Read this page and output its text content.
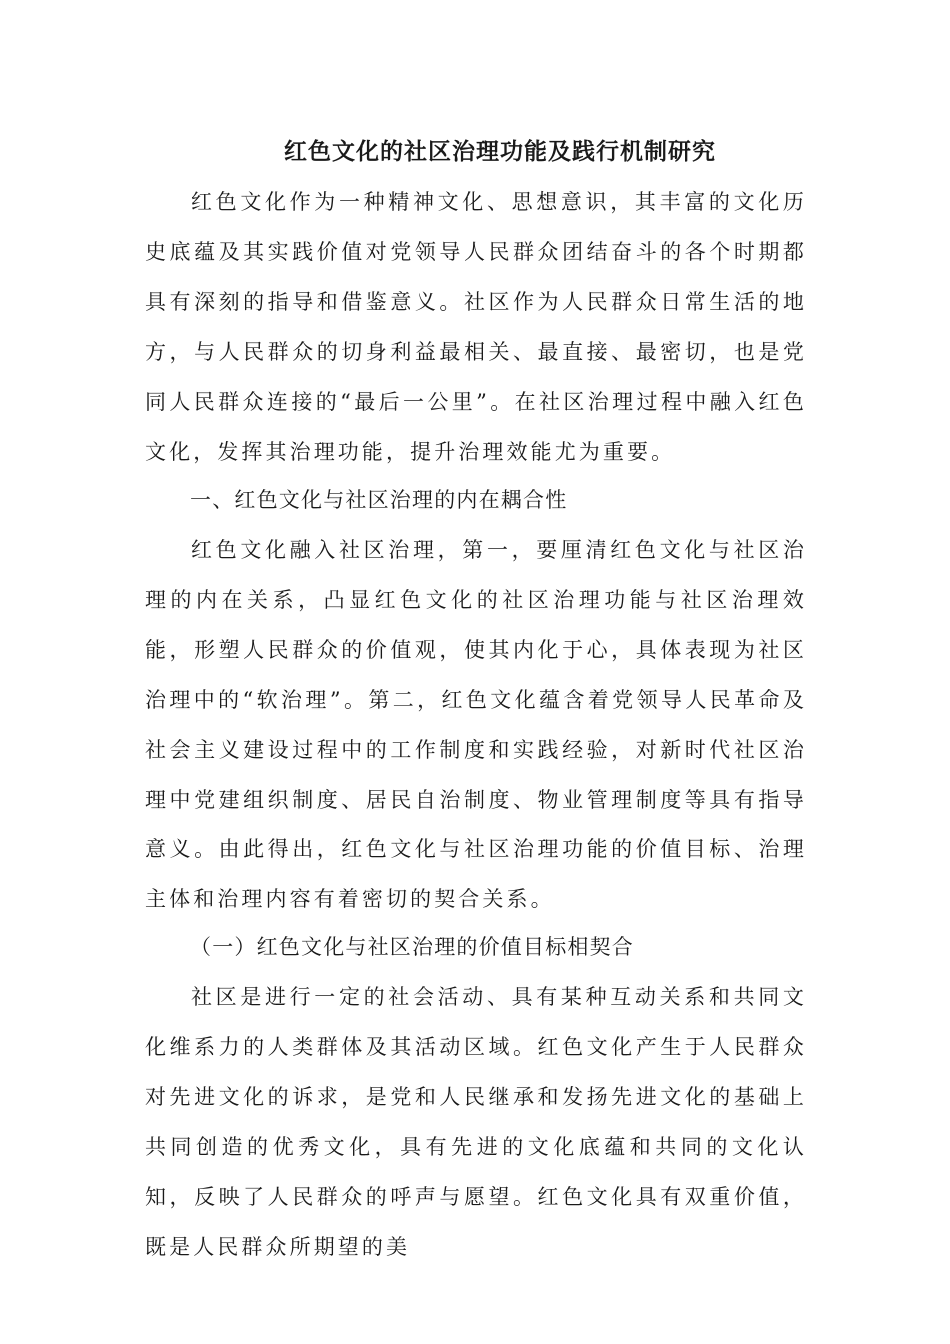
红色文化的社区治理功能及践行机制研究

红色文化作为一种精神文化、思想意识，其丰富的文化历史底蕴及其实践价值对党领导人民群众团结奋斗的各个时期都具有深刻的指导和借鉴意义。社区作为人民群众日常生活的地方，与人民群众的切身利益最相关、最直接、最密切，也是党同人民群众连接的“最后一公里”。在社区治理过程中融入红色文化，发挥其治理功能，提升治理效能尤为重要。

一、红色文化与社区治理的内在耦合性

红色文化融入社区治理，第一，要厘清红色文化与社区治理的内在关系，凸显红色文化的社区治理功能与社区治理效能，形塑人民群众的价值观，使其内化于心，具体表现为社区治理中的“软治理”。第二，红色文化蕴含着党领导人民革命及社会主义建设过程中的工作制度和实践经验，对新时代社区治理中党建组织制度、居民自治制度、物业管理制度等具有指导意义。由此得出，红色文化与社区治理功能的价值目标、治理主体和治理内容有着密切的契合关系。

（一）红色文化与社区治理的价值目标相契合

社区是进行一定的社会活动、具有某种互动关系和共同文化维系力的人类群体及其活动区域。红色文化产生于人民群众对先进文化的诉求，是党和人民继承和发扬先进文化的基础上共同创造的优秀文化，具有先进的文化底蕴和共同的文化认知，反映了人民群众的呼声与愿望。红色文化具有双重价值，既是人民群众所期望的美
